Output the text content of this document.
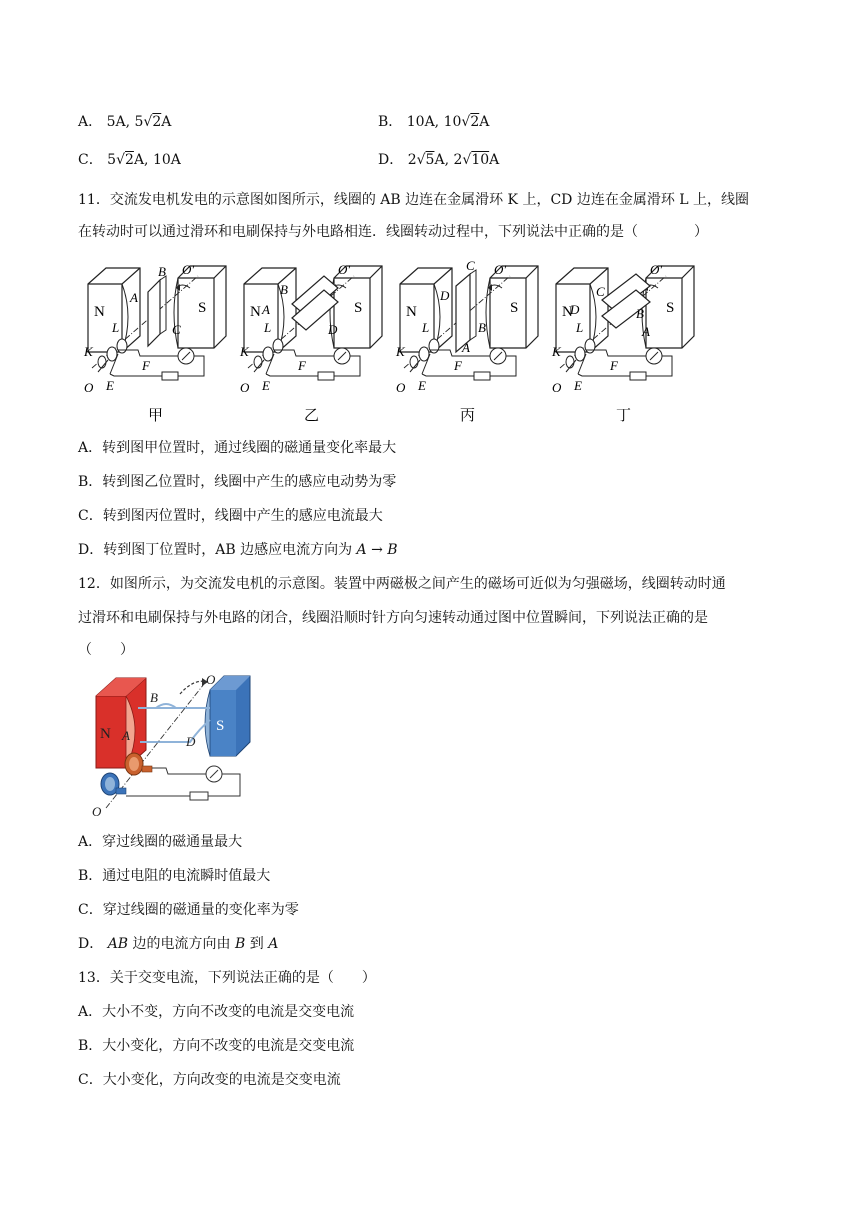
A． 5A, 5√2A	B． 10A, 10√2A
C． 5√2A, 10A	D． 2√5A, 2√10A
11．交流发电机发电的示意图如图所示，线圈的 AB 边连在金属滑环 K 上，CD 边连在金属滑环 L 上，线圈
在转动时可以通过滑环和电刷保持与外电路相连．线圈转动过程中，下列说法中正确的是（　　　　）
N	S
B
A
C
L
F
K
O E
O′
N	S
B
A
D
L
F
K
O E
O′
N	S
C
D
B
A
L
F
K
O E
O′
N	S
C
D	B
A
L
F
K
O E
O′
甲	乙	丙	丁
A．转到图甲位置时，通过线圈的磁通量变化率最大
B．转到图乙位置时，线圈中产生的感应电动势为零
C．转到图丙位置时，线圈中产生的感应电流最大
D．转到图丁位置时，AB 边感应电流方向为 A → B
12．如图所示，为交流发电机的示意图。装置中两磁极之间产生的磁场可近似为匀强磁场，线圈转动时通
过滑环和电刷保持与外电路的闭合，线圈沿顺时针方向匀速转动通过图中位置瞬间，下列说法正确的是
（　　）
N	S
A
B
D
O
O
A．穿过线圈的磁通量最大
B．通过电阻的电流瞬时值最大
C．穿过线圈的磁通量的变化率为零
D． AB 边的电流方向由 B 到 A
13．关于交变电流，下列说法正确的是（　　）
A．大小不变，方向不改变的电流是交变电流
B．大小变化，方向不改变的电流是交变电流
C．大小变化，方向改变的电流是交变电流
